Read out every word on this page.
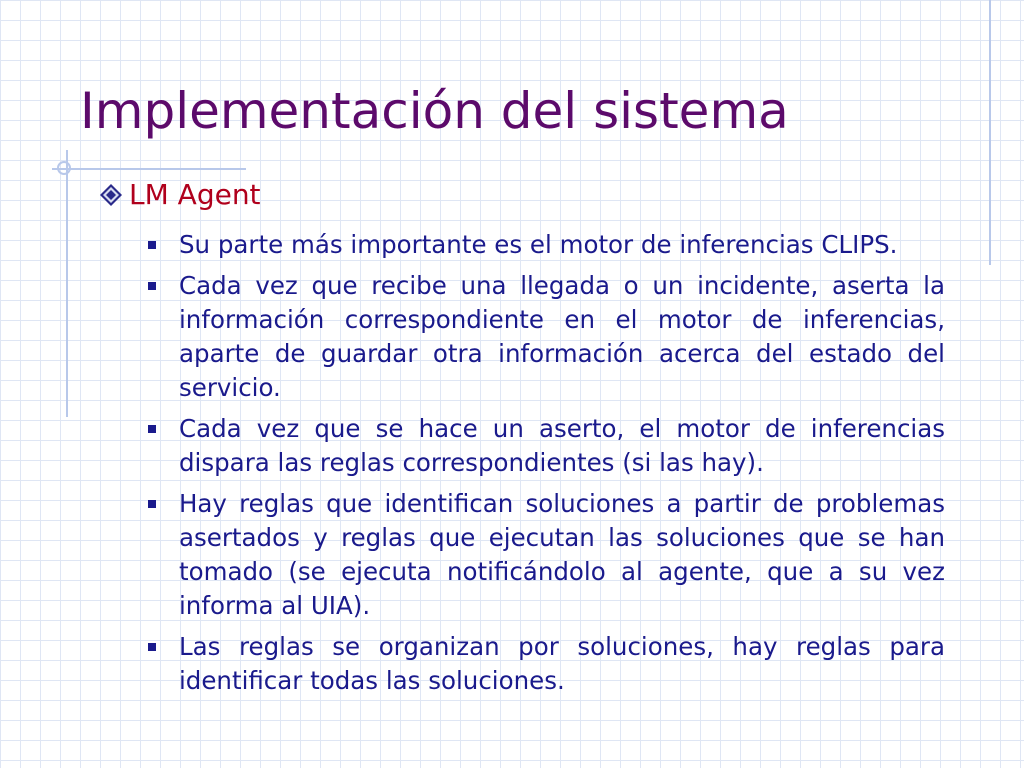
Implementación del sistema
LM Agent
Su parte más importante es el motor de inferencias CLIPS.
Cada vez que recibe una llegada o un incidente, aserta la información correspondiente en el motor de inferencias, aparte de guardar otra información acerca del estado del servicio.
Cada vez que se hace un aserto, el motor de inferencias dispara las reglas correspondientes (si las hay).
Hay reglas que identifican soluciones a partir de problemas asertados y reglas que ejecutan las soluciones que se han tomado (se ejecuta notificándolo al agente, que a su vez informa al UIA).
Las reglas se organizan por soluciones, hay reglas para identificar todas las soluciones.
